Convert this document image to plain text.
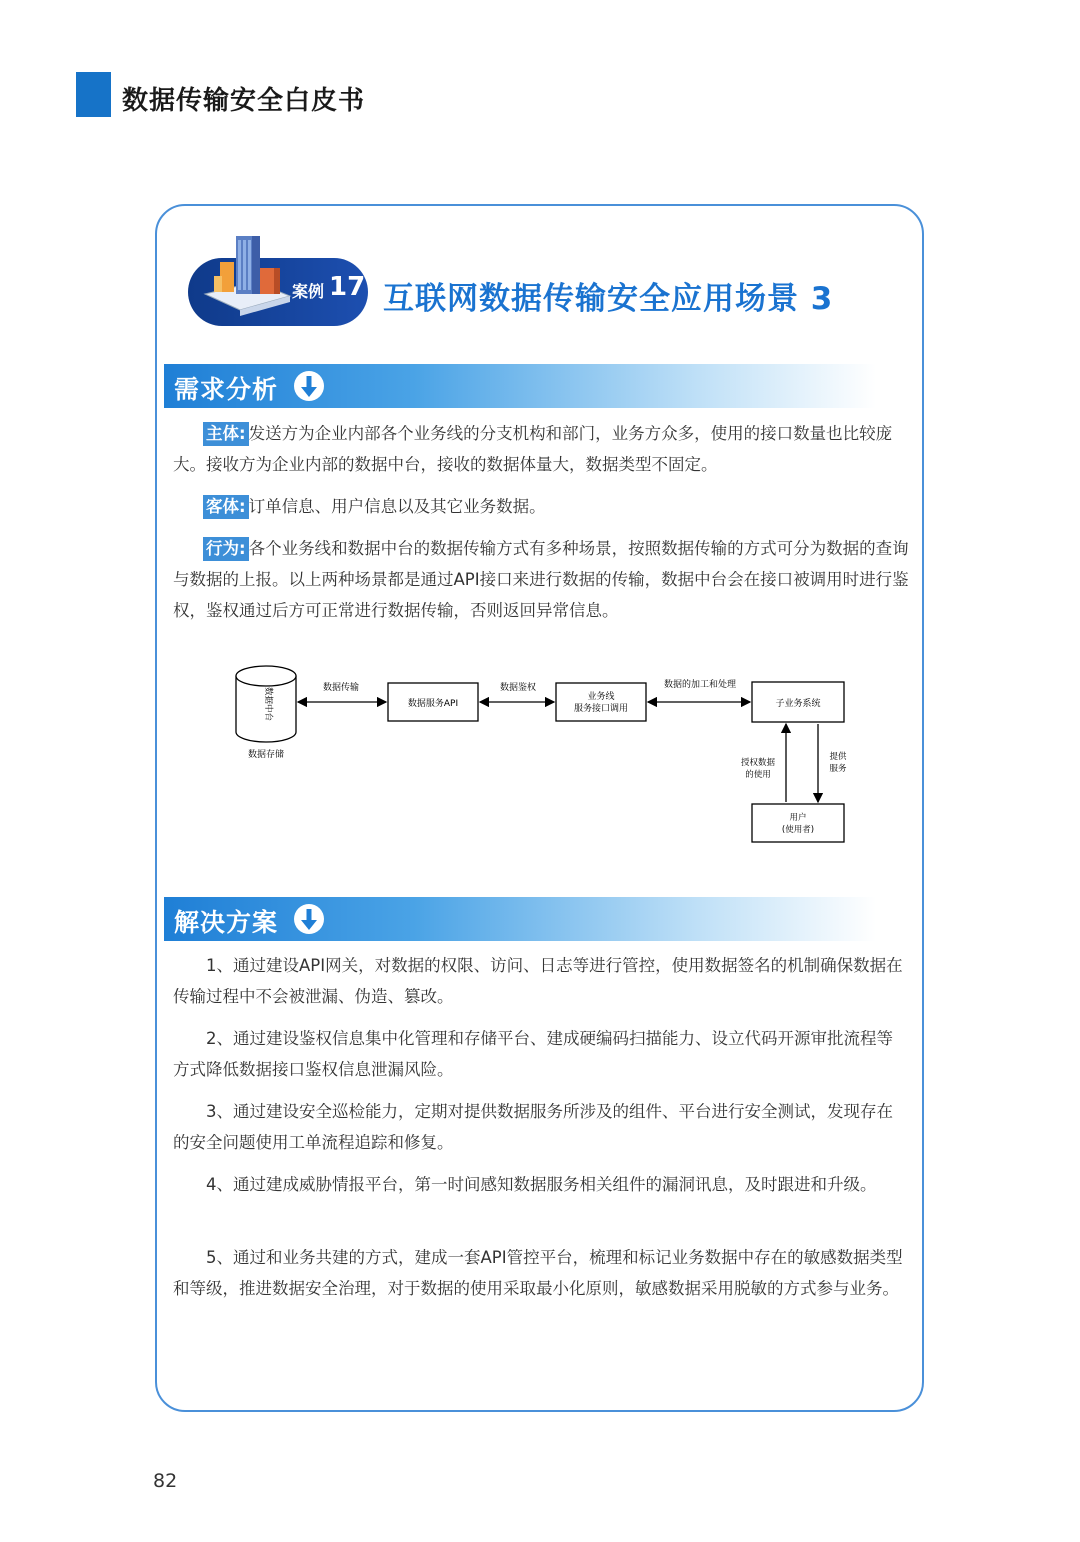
数据传输安全白皮书
案例 17 互联网数据传输安全应用场景 3
需求分析

主体: 发送方为企业内部各个业务线的分支机构和部门，业务方众多，使用的接口数量也比较庞大。接收方为企业内部的数据中台，接收的数据体量大，数据类型不固定。

客体: 订单信息、用户信息以及其它业务数据。

行为: 各个业务线和数据中台的数据传输方式有多种场景，按照数据传输的方式可分为数据的查询与数据的上报。以上两种场景都是通过API接口来进行数据的传输，数据中台会在接口被调用时进行鉴权，鉴权通过后方可正常进行数据传输，否则返回异常信息。

数据中台
数据存储
数据传输
数据服务API
数据鉴权
业务线
服务接口调用
数据的加工和处理
子业务系统
授权数据
的使用
提供
服务
用户
(使用者)
解决方案

1、通过建设API网关，对数据的权限、访问、日志等进行管控，使用数据签名的机制确保数据在传输过程中不会被泄漏、伪造、篡改。

2、通过建设鉴权信息集中化管理和存储平台、建成硬编码扫描能力、设立代码开源审批流程等方式降低数据接口鉴权信息泄漏风险。

3、通过建设安全巡检能力，定期对提供数据服务所涉及的组件、平台进行安全测试，发现存在的安全问题使用工单流程追踪和修复。

4、通过建成威胁情报平台，第一时间感知数据服务相关组件的漏洞讯息，及时跟进和升级。

5、通过和业务共建的方式，建成一套API管控平台，梳理和标记业务数据中存在的敏感数据类型和等级，推进数据安全治理，对于数据的使用采取最小化原则，敏感数据采用脱敏的方式参与业务。

82
